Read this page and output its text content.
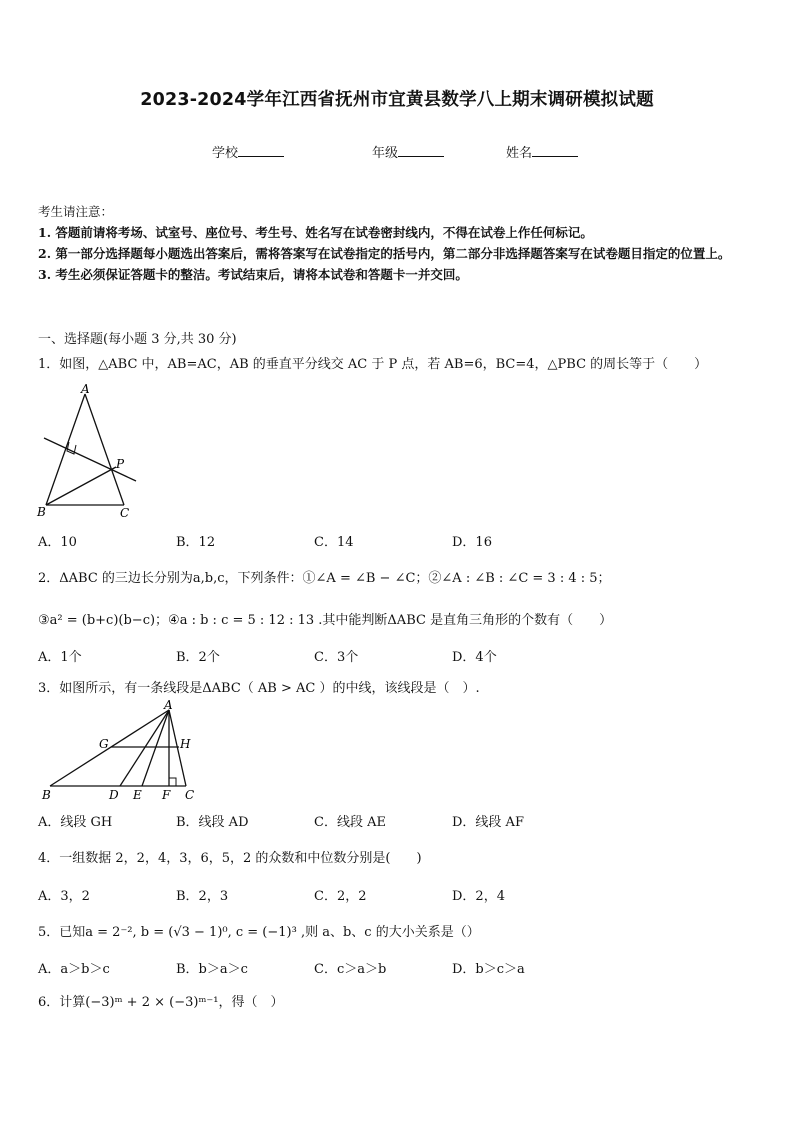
2023-2024学年江西省抚州市宜黄县数学八上期末调研模拟试题
学校	年级	姓名
考生请注意：
1. 答题前请将考场、试室号、座位号、考生号、姓名写在试卷密封线内，不得在试卷上作任何标记。
2. 第一部分选择题每小题选出答案后，需将答案写在试卷指定的括号内，第二部分非选择题答案写在试卷题目指定的位置上。
3. 考生必须保证答题卡的整洁。考试结束后，请将本试卷和答题卡一并交回。
一、选择题(每小题 3 分,共 30 分)
1．如图，△ABC 中，AB=AC，AB 的垂直平分线交 AC 于 P 点，若 AB=6，BC=4，△PBC 的周长等于（　　）
A
B	C
P
A．10	B．12	C．14	D．16
2．ΔABC 的三边长分别为a,b,c，下列条件：①∠A = ∠B − ∠C；②∠A : ∠B : ∠C = 3 : 4 : 5；
③a² = (b+c)(b−c)；④a : b : c = 5 : 12 : 13 .其中能判断ΔABC 是直角三角形的个数有（　　）
A．1个	B．2个	C．3个	D．4个
3．如图所示，有一条线段是ΔABC（ AB > AC ）的中线，该线段是（　）.
A
G	H
B	D E F C
A．线段 GH	B．线段 AD	C．线段 AE	D．线段 AF
4．一组数据 2，2，4，3，6，5，2 的众数和中位数分别是(　　)
A．3，2	B．2，3	C．2，2	D．2，4
5．已知a = 2⁻², b = (√3 − 1)⁰, c = (−1)³ ,则 a、b、c 的大小关系是（）
A．a＞b＞c	B．b＞a＞c	C．c＞a＞b	D．b＞c＞a
6．计算(−3)ᵐ + 2 × (−3)ᵐ⁻¹，得（　）
